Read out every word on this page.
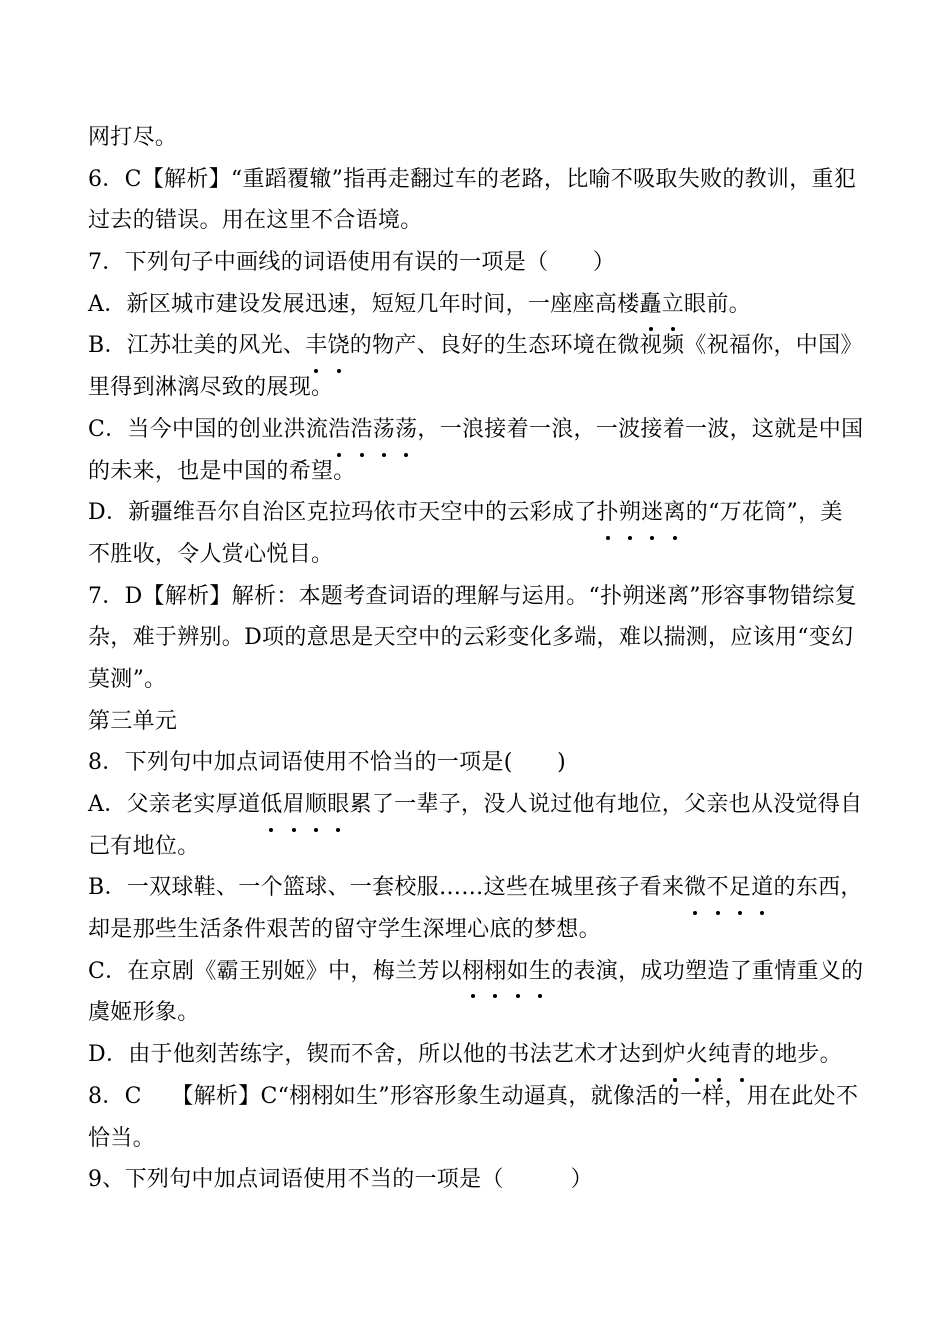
网打尽。
6．C【解析】“重蹈覆辙”指再走翻过车的老路，比喻不吸取失败的教训，重犯
过去的错误。用在这里不合语境。
7．下列句子中画线的词语使用有误的一项是（　　）
A．新区城市建设发展迅速，短短几年时间，一座座高楼矗立眼前。
B．江苏壮美的风光、丰饶的物产、良好的生态环境在微视频《祝福你，中国》
里得到淋漓尽致的展现。
C．当今中国的创业洪流浩浩荡荡，一浪接着一浪，一波接着一波，这就是中国
的未来，也是中国的希望。
D．新疆维吾尔自治区克拉玛依市天空中的云彩成了扑朔迷离的“万花筒”，美
不胜收，令人赏心悦目。
7．D【解析】解析：本题考查词语的理解与运用。“扑朔迷离”形容事物错综复
杂，难于辨别。D项的意思是天空中的云彩变化多端，难以揣测，应该用“变幻
莫测”。
第三单元
8．下列句中加点词语使用不恰当的一项是(　　)
A．父亲老实厚道低眉顺眼累了一辈子，没人说过他有地位，父亲也从没觉得自
己有地位。
B．一双球鞋、一个篮球、一套校服……这些在城里孩子看来微不足道的东西，
却是那些生活条件艰苦的留守学生深埋心底的梦想。
C．在京剧《霸王别姬》中，梅兰芳以栩栩如生的表演，成功塑造了重情重义的
虞姬形象。
D．由于他刻苦练字，锲而不舍，所以他的书法艺术才达到炉火纯青的地步。
8．C　 【解析】C“栩栩如生”形容形象生动逼真，就像活的一样，用在此处不
恰当。
9、下列句中加点词语使用不当的一项是（　　　）
